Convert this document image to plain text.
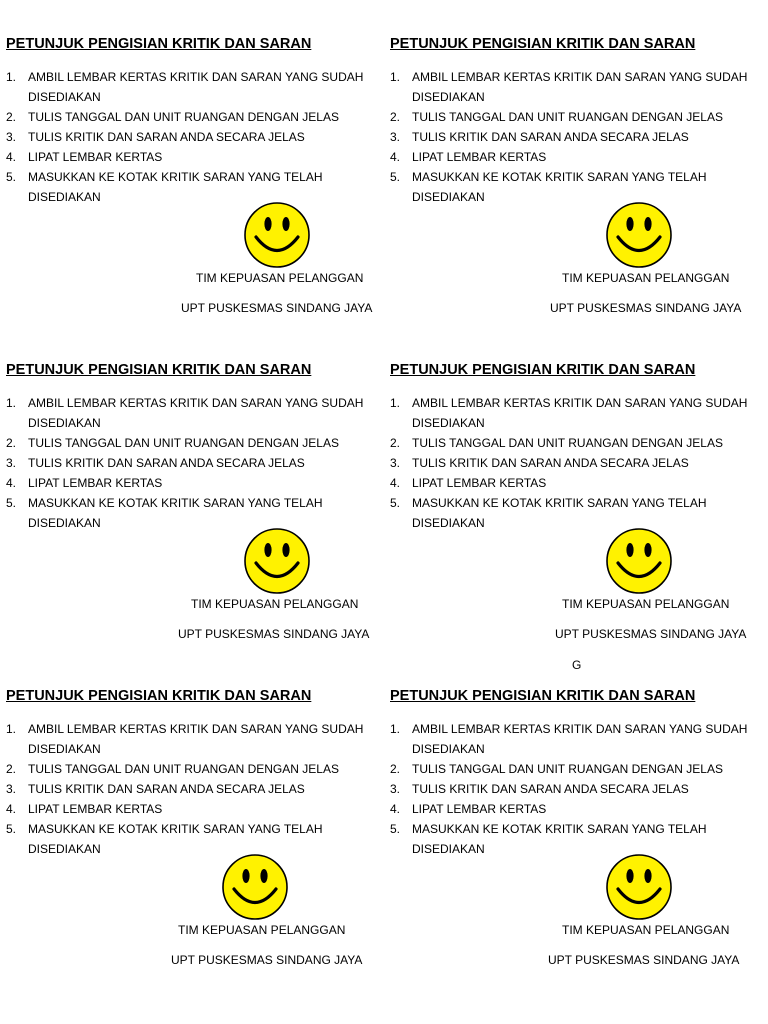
PETUNJUK PENGISIAN KRITIK DAN SARAN
1. AMBIL LEMBAR KERTAS KRITIK DAN SARAN YANG SUDAH DISEDIAKAN
2. TULIS TANGGAL DAN UNIT RUANGAN DENGAN JELAS
3. TULIS KRITIK DAN SARAN ANDA SECARA JELAS
4. LIPAT LEMBAR KERTAS
5. MASUKKAN KE KOTAK KRITIK SARAN YANG TELAH DISEDIAKAN
TIM KEPUASAN PELANGGAN
UPT PUSKESMAS SINDANG JAYA
PETUNJUK PENGISIAN KRITIK DAN SARAN
1. AMBIL LEMBAR KERTAS KRITIK DAN SARAN YANG SUDAH DISEDIAKAN
2. TULIS TANGGAL DAN UNIT RUANGAN DENGAN JELAS
3. TULIS KRITIK DAN SARAN ANDA SECARA JELAS
4. LIPAT LEMBAR KERTAS
5. MASUKKAN KE KOTAK KRITIK SARAN YANG TELAH DISEDIAKAN
TIM KEPUASAN PELANGGAN
UPT PUSKESMAS SINDANG JAYA
PETUNJUK PENGISIAN KRITIK DAN SARAN
1. AMBIL LEMBAR KERTAS KRITIK DAN SARAN YANG SUDAH DISEDIAKAN
2. TULIS TANGGAL DAN UNIT RUANGAN DENGAN JELAS
3. TULIS KRITIK DAN SARAN ANDA SECARA JELAS
4. LIPAT LEMBAR KERTAS
5. MASUKKAN KE KOTAK KRITIK SARAN YANG TELAH DISEDIAKAN
TIM KEPUASAN PELANGGAN
UPT PUSKESMAS SINDANG JAYA
PETUNJUK PENGISIAN KRITIK DAN SARAN
1. AMBIL LEMBAR KERTAS KRITIK DAN SARAN YANG SUDAH DISEDIAKAN
2. TULIS TANGGAL DAN UNIT RUANGAN DENGAN JELAS
3. TULIS KRITIK DAN SARAN ANDA SECARA JELAS
4. LIPAT LEMBAR KERTAS
5. MASUKKAN KE KOTAK KRITIK SARAN YANG TELAH DISEDIAKAN
TIM KEPUASAN PELANGGAN
UPT PUSKESMAS SINDANG JAYA
PETUNJUK PENGISIAN KRITIK DAN SARAN
1. AMBIL LEMBAR KERTAS KRITIK DAN SARAN YANG SUDAH DISEDIAKAN
2. TULIS TANGGAL DAN UNIT RUANGAN DENGAN JELAS
3. TULIS KRITIK DAN SARAN ANDA SECARA JELAS
4. LIPAT LEMBAR KERTAS
5. MASUKKAN KE KOTAK KRITIK SARAN YANG TELAH DISEDIAKAN
TIM KEPUASAN PELANGGAN
UPT PUSKESMAS SINDANG JAYA
PETUNJUK PENGISIAN KRITIK DAN SARAN
1. AMBIL LEMBAR KERTAS KRITIK DAN SARAN YANG SUDAH DISEDIAKAN
2. TULIS TANGGAL DAN UNIT RUANGAN DENGAN JELAS
3. TULIS KRITIK DAN SARAN ANDA SECARA JELAS
4. LIPAT LEMBAR KERTAS
5. MASUKKAN KE KOTAK KRITIK SARAN YANG TELAH DISEDIAKAN
TIM KEPUASAN PELANGGAN
UPT PUSKESMAS SINDANG JAYA
G
